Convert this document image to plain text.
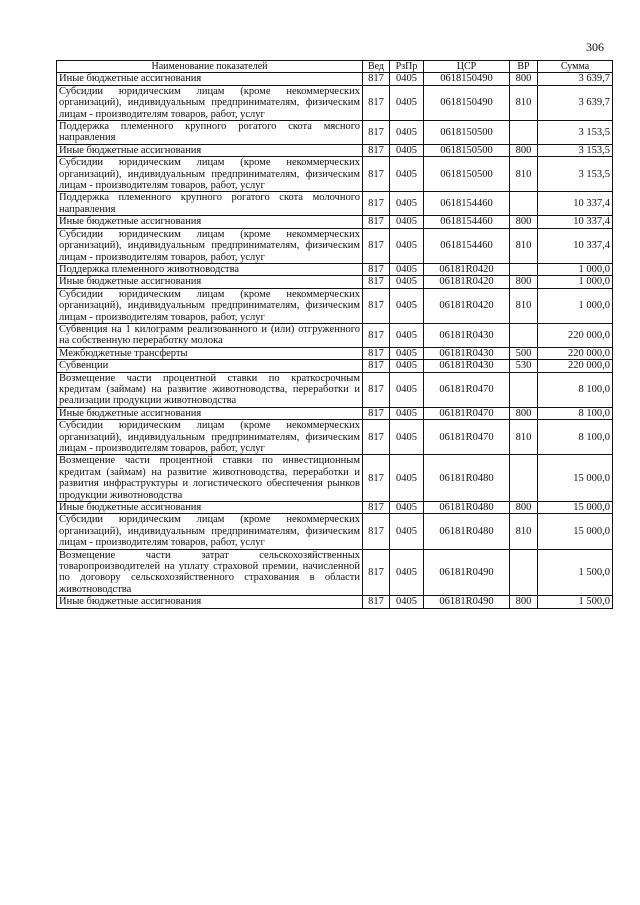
306
Наименование показателей	Вед	РзПр	ЦСР	ВР	Сумма
Иные бюджетные ассигнования	817	0405	0618150490	800	3 639,7
Субсидии юридическим лицам (кроме некоммерческих организаций), индивидуальным предпринимателям, физическим лицам - производителям товаров, работ, услуг	817	0405	0618150490	810	3 639,7
Поддержка племенного крупного рогатого скота мясного направления	817	0405	0618150500		3 153,5
Иные бюджетные ассигнования	817	0405	0618150500	800	3 153,5
Субсидии юридическим лицам (кроме некоммерческих организаций), индивидуальным предпринимателям, физическим лицам - производителям товаров, работ, услуг	817	0405	0618150500	810	3 153,5
Поддержка племенного крупного рогатого скота молочного направления	817	0405	0618154460		10 337,4
Иные бюджетные ассигнования	817	0405	0618154460	800	10 337,4
Субсидии юридическим лицам (кроме некоммерческих организаций), индивидуальным предпринимателям, физическим лицам - производителям товаров, работ, услуг	817	0405	0618154460	810	10 337,4
Поддержка племенного животноводства	817	0405	06181R0420		1 000,0
Иные бюджетные ассигнования	817	0405	06181R0420	800	1 000,0
Субсидии юридическим лицам (кроме некоммерческих организаций), индивидуальным предпринимателям, физическим лицам - производителям товаров, работ, услуг	817	0405	06181R0420	810	1 000,0
Субвенция на 1 килограмм реализованного и (или) отгруженного на собственную переработку молока	817	0405	06181R0430		220 000,0
Межбюджетные трансферты	817	0405	06181R0430	500	220 000,0
Субвенции	817	0405	06181R0430	530	220 000,0
Возмещение части процентной ставки по краткосрочным кредитам (займам) на развитие животноводства, переработки и реализации продукции животноводства	817	0405	06181R0470		8 100,0
Иные бюджетные ассигнования	817	0405	06181R0470	800	8 100,0
Субсидии юридическим лицам (кроме некоммерческих организаций), индивидуальным предпринимателям, физическим лицам - производителям товаров, работ, услуг	817	0405	06181R0470	810	8 100,0
Возмещение части процентной ставки по инвестиционным кредитам (займам) на развитие животноводства, переработки и развития инфраструктуры и логистического обеспечения рынков продукции животноводства	817	0405	06181R0480		15 000,0
Иные бюджетные ассигнования	817	0405	06181R0480	800	15 000,0
Субсидии юридическим лицам (кроме некоммерческих организаций), индивидуальным предпринимателям, физическим лицам - производителям товаров, работ, услуг	817	0405	06181R0480	810	15 000,0
Возмещение части затрат сельскохозяйственных товаропроизводителей на уплату страховой премии, начисленной по договору сельскохозяйственного страхования в области животноводства	817	0405	06181R0490		1 500,0
Иные бюджетные ассигнования	817	0405	06181R0490	800	1 500,0
